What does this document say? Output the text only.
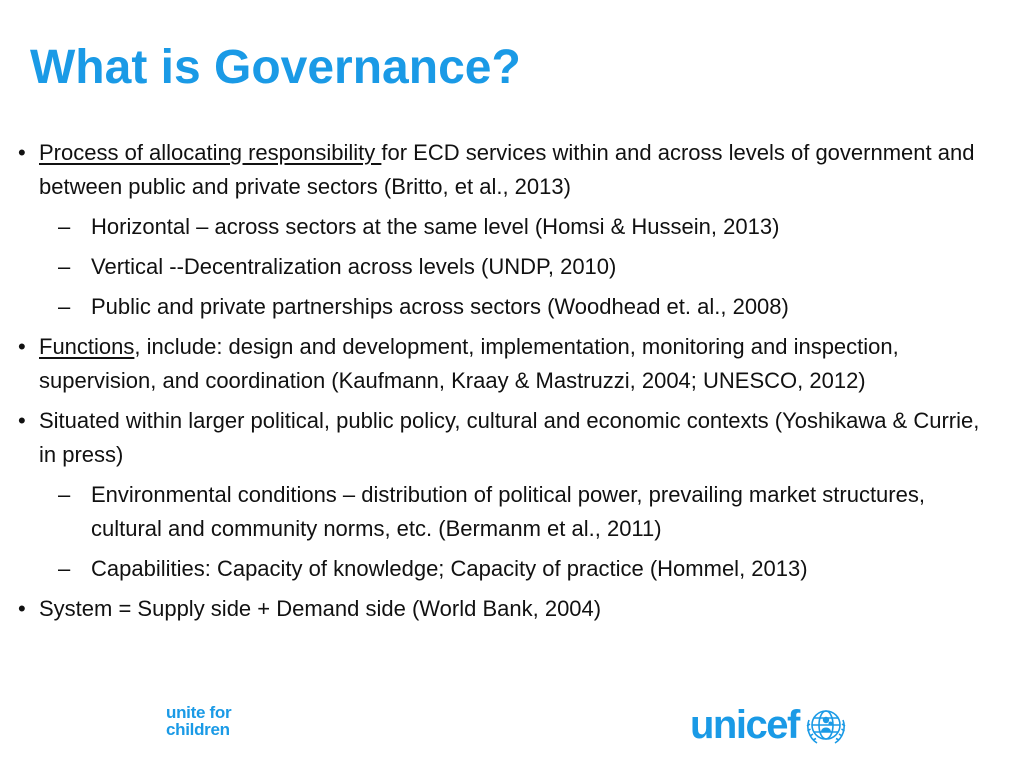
What is Governance?

• Process of allocating responsibility for ECD services within and across levels of government and between public and private sectors (Britto, et al., 2013)

– Horizontal – across sectors at the same level (Homsi & Hussein, 2013)

– Vertical --Decentralization across levels (UNDP, 2010)

– Public and private partnerships across sectors (Woodhead et. al., 2008)

• Functions, include: design and development, implementation, monitoring and inspection, supervision, and coordination (Kaufmann, Kraay & Mastruzzi, 2004; UNESCO, 2012)

• Situated within larger political, public policy, cultural and economic contexts (Yoshikawa & Currie, in press)

– Environmental conditions – distribution of political power, prevailing market structures, cultural and community norms, etc. (Bermanm et al., 2011)

– Capabilities: Capacity of knowledge; Capacity of practice (Hommel, 2013)

• System = Supply side + Demand side (World Bank, 2004)

unite for
children	unicef
